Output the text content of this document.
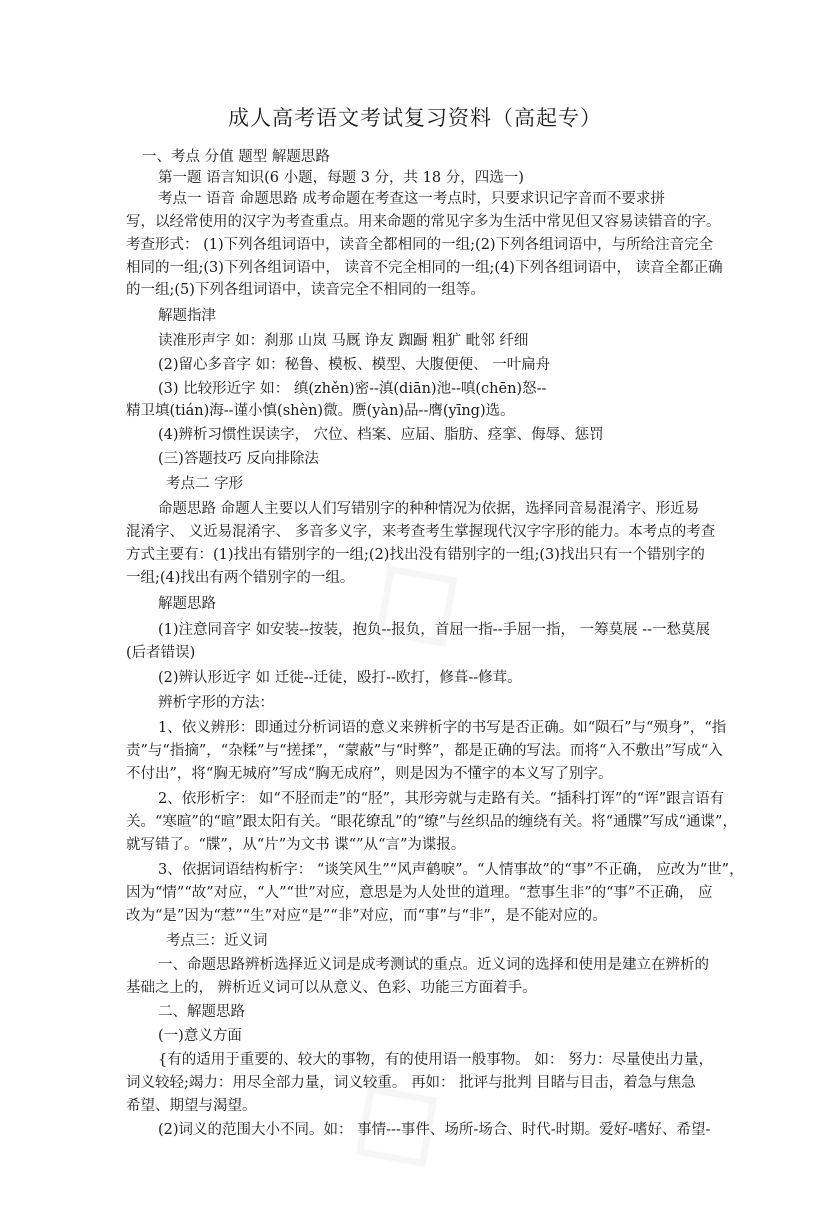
成人高考语文考试复习资料（高起专）
一、考点 分值 题型 解题思路
第一题 语言知识(6 小题，每题 3 分，共 18 分，四选一)
考点一 语音 命题思路 成考命题在考查这一考点时，只要求识记字音而不要求拼
写，以经常使用的汉字为考查重点。用来命题的常见字多为生活中常见但又容易读错音的字。
考查形式： (1)下列各组词语中，读音全都相同的一组;(2)下列各组词语中，与所给注音完全
相同的一组;(3)下列各组词语中， 读音不完全相同的一组;(4)下列各组词语中， 读音全都正确
的一组;(5)下列各组词语中，读音完全不相同的一组等。
解题指津
读准形声字 如：刹那 山岚 马厩 诤友 踟蹰 粗犷 毗邻 纤细
(2)留心多音字 如：秘鲁、模板、模型、大腹便便、 一叶扁舟
(3) 比较形近字 如： 缜(zhěn)密--滇(diān)池--嗔(chēn)怒--
精卫填(tián)海--谨小慎(shèn)微。赝(yàn)品--膺(yīng)选。
(4)辨析习惯性误读字， 穴位、档案、应届、脂肪、痉挛、侮辱、惩罚
(三)答题技巧 反向排除法
考点二 字形
命题思路 命题人主要以人们写错别字的种种情况为依据，选择同音易混淆字、形近易
混淆字、 义近易混淆字、 多音多义字，来考查考生掌握现代汉字字形的能力。本考点的考查
方式主要有：(1)找出有错别字的一组;(2)找出没有错别字的一组;(3)找出只有一个错别字的
一组;(4)找出有两个错别字的一组。
解题思路
(1)注意同音字 如安装--按装，抱负--报负，首屈一指--手屈一指， 一筹莫展 --一愁莫展
(后者错误)
(2)辨认形近字 如 迁徙--迁徒，殴打--欧打，修葺--修茸。
辨析字形的方法：
1、依义辨形：即通过分析词语的意义来辨析字的书写是否正确。如“陨石”与“殒身”，“指
责”与“指摘”，“杂糅”与“搓揉”，“蒙蔽”与“时弊”，都是正确的写法。而将“入不敷出”写成“入
不付出”，将“胸无城府”写成“胸无成府”，则是因为不懂字的本义写了别字。
2、依形析字： 如“不胫而走”的“胫”，其形旁就与走路有关。“插科打诨”的“诨”跟言语有
关。“寒暄”的“暄”跟太阳有关。“眼花缭乱”的“缭”与丝织品的缠绕有关。将“通牒”写成“通谍”，
就写错了。“牒”，从“片”为文书 谍“”从“言”为谍报。
3、依据词语结构析字： “谈笑风生”“风声鹤唳”。“人情事故”的“事”不正确， 应改为“世”，
因为“情”“故”对应，“人”“世”对应，意思是为人处世的道理。“惹事生非”的“事”不正确， 应
改为“是”因为“惹”“生”对应“是”“非”对应，而“事”与“非”，是不能对应的。
考点三：近义词
一、命题思路辨析选择近义词是成考测试的重点。近义词的选择和使用是建立在辨析的
基础之上的， 辨析近义词可以从意义、色彩、功能三方面着手。
二、解题思路
(一)意义方面
{有的适用于重要的、较大的事物，有的使用语一般事物。 如： 努力：尽量使出力量，
词义较轻;竭力：用尽全部力量，词义较重。 再如： 批评与批判 目睹与目击，着急与焦急
希望、期望与渴望。
(2)词义的范围大小不同。如： 事情---事件、场所-场合、时代-时期。爱好-嗜好、希望-
